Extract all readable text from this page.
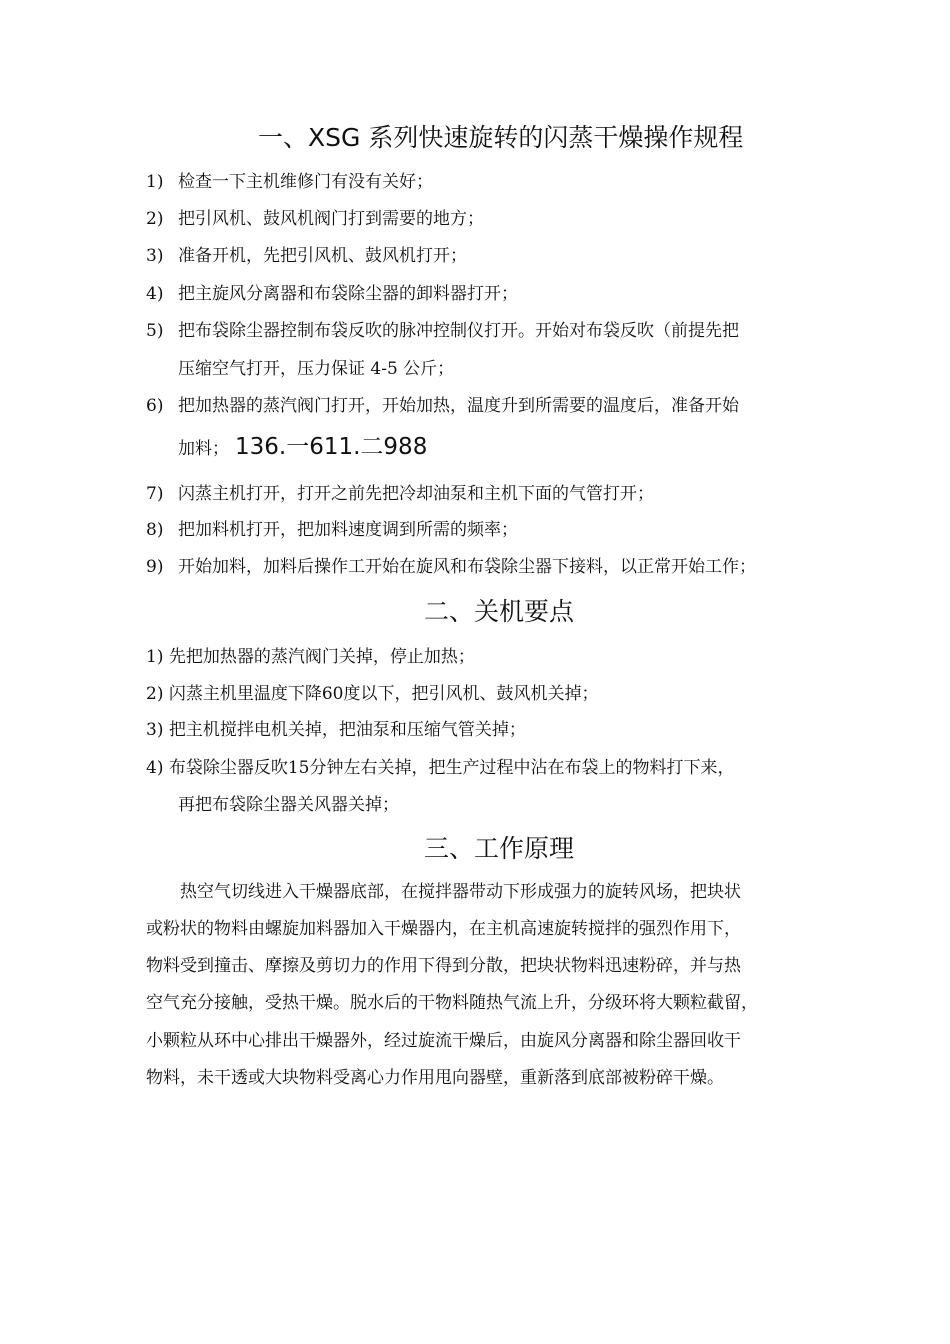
一、XSG 系列快速旋转的闪蒸干燥操作规程
1) 检查一下主机维修门有没有关好；
2) 把引风机、鼓风机阀门打到需要的地方；
3) 准备开机，先把引风机、鼓风机打开；
4) 把主旋风分离器和布袋除尘器的卸料器打开；
5) 把布袋除尘器控制布袋反吹的脉冲控制仪打开。开始对布袋反吹（前提先把
压缩空气打开，压力保证 4-5 公斤；
6) 把加热器的蒸汽阀门打开，开始加热，温度升到所需要的温度后，准备开始
加料； 136.一611.二988
7) 闪蒸主机打开，打开之前先把冷却油泵和主机下面的气管打开；
8) 把加料机打开，把加料速度调到所需的频率；
9) 开始加料，加料后操作工开始在旋风和布袋除尘器下接料，以正常开始工作；
二、关机要点
1) 先把加热器的蒸汽阀门关掉，停止加热；
2) 闪蒸主机里温度下降60度以下，把引风机、鼓风机关掉；
3) 把主机搅拌电机关掉，把油泵和压缩气管关掉；
4) 布袋除尘器反吹15分钟左右关掉，把生产过程中沾在布袋上的物料打下来，
再把布袋除尘器关风器关掉；
三、工作原理
热空气切线进入干燥器底部，在搅拌器带动下形成强力的旋转风场，把块状
或粉状的物料由螺旋加料器加入干燥器内，在主机高速旋转搅拌的强烈作用下，
物料受到撞击、摩擦及剪切力的作用下得到分散，把块状物料迅速粉碎，并与热
空气充分接触，受热干燥。脱水后的干物料随热气流上升，分级环将大颗粒截留，
小颗粒从环中心排出干燥器外，经过旋流干燥后，由旋风分离器和除尘器回收干
物料，未干透或大块物料受离心力作用甩向器壁，重新落到底部被粉碎干燥。
